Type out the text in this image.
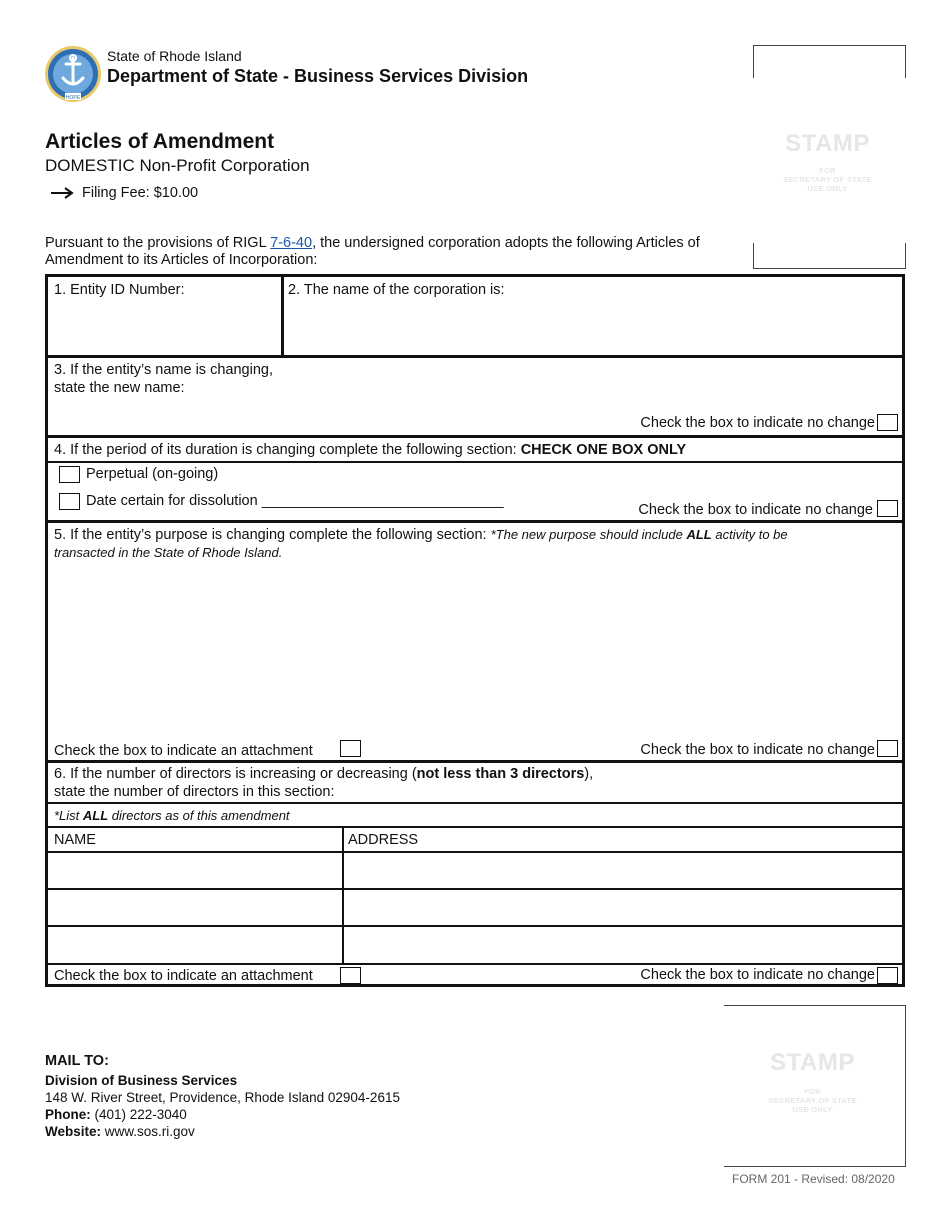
HOPE
State of Rhode Island
Department of State - Business Services Division
Articles of Amendment
DOMESTIC Non-Profit Corporation
Filing Fee: $10.00
STAMP
FOR
SECRETARY OF STATE
USE ONLY
Pursuant to the provisions of RIGL 7-6-40, the undersigned corporation adopts the following Articles of Amendment to its Articles of Incorporation:
1. Entity ID Number:	2. The name of the corporation is:
3. If the entity’s name is changing,
state the new name:
Check the box to indicate no change
4. If the period of its duration is changing complete the following section: CHECK ONE BOX ONLY
Perpetual (on-going)
Date certain for dissolution ______________________________
Check the box to indicate no change
5. If the entity’s purpose is changing complete the following section: *The new purpose should include ALL activity to be
transacted in the State of Rhode Island.
Check the box to indicate an attachment	Check the box to indicate no change
6. If the number of directors is increasing or decreasing (not less than 3 directors),
state the number of directors in this section:
*List ALL directors as of this amendment
NAME	ADDRESS
Check the box to indicate an attachment	Check the box to indicate no change
STAMP
FOR
SECRETARY OF STATE
USE ONLY
MAIL TO:
Division of Business Services
148 W. River Street, Providence, Rhode Island 02904-2615
Phone: (401) 222-3040
Website: www.sos.ri.gov
FORM 201 - Revised: 08/2020
